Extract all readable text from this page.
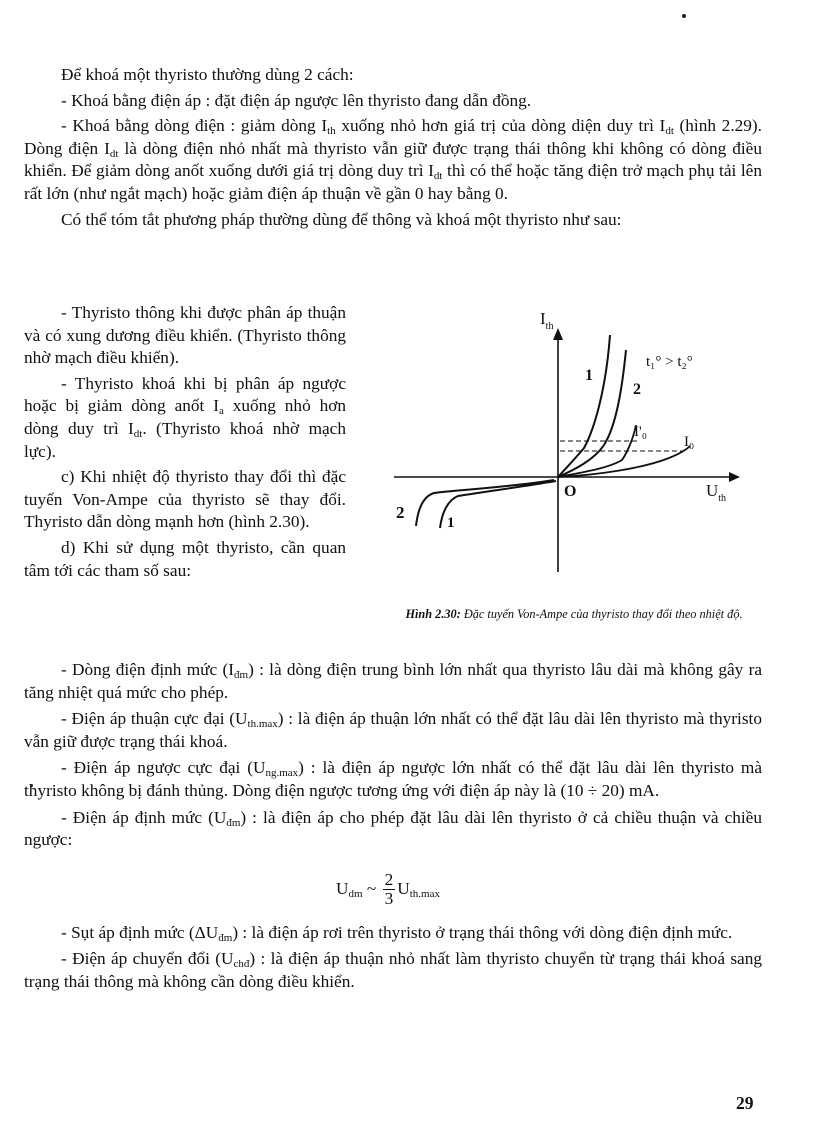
Để khoá một thyristo thường dùng 2 cách:

- Khoá bằng điện áp : đặt điện áp ngược lên thyristo đang dẫn đồng.

- Khoá bằng dòng điện : giảm dòng $I_{th}$ xuống nhỏ hơn giá trị của dòng diện duy trì $I_{dt}$ (hình 2.29). Dòng điện $I_{dt}$ là dòng điện nhỏ nhất mà thyristo vẫn giữ được trạng thái thông khi không có dòng điều khiển. Để giảm dòng anốt xuống dưới giá trị dòng duy trì $I_{dt}$ thì có thể hoặc tăng điện trở mạch phụ tải lên rất lớn (như ngắt mạch) hoặc giảm điện áp thuận về gần 0 hay bằng 0.

Có thể tóm tắt phương pháp thường dùng để thông và khoá một thyristo như sau:

- Thyristo thông khi được phân áp thuận và có xung dương điều khiển. (Thyristo thông nhờ mạch điều khiển).

- Thyristo khoá khi bị phân áp ngược hoặc bị giảm dòng anốt $I_a$ xuống nhỏ hơn dòng duy trì $I_{dt}$. (Thyristo khoá nhờ mạch lực).

c) Khi nhiệt độ thyristo thay đổi thì đặc tuyến Von-Ampe của thyristo sẽ thay đổi. Thyristo dẫn dòng mạnh hơn (hình 2.30).

d) Khi sử dụng một thyristo, cần quan tâm tới các tham số sau:

$I_{th}$
$U_{th}$
O
1
2
t₁° > t₂°
I'₀
I₀
2
1
Hình 2.30: Đặc tuyến Von-Ampe của thyristo thay đổi theo nhiệt độ.

- Dòng điện định mức $(I_{đm})$ : là dòng điện trung bình lớn nhất qua thyristo lâu dài mà không gây ra tăng nhiệt quá mức cho phép.

- Điện áp thuận cực đại $(U_{th.max})$ : là điện áp thuận lớn nhất có thể đặt lâu dài lên thyristo mà thyristo vẫn giữ được trạng thái khoá.

- Điện áp ngược cực đại $(U_{ng.max})$ : là điện áp ngược lớn nhất có thể đặt lâu dài lên thyristo mà thyristo không bị đánh thủng. Dòng điện ngược tương ứng với điện áp này là (10 ÷ 20) mA.

- Điện áp định mức $(U_{đm})$ : là điện áp cho phép đặt lâu dài lên thyristo ở cả chiều thuận và chiều ngược:

$U_{dm}$ ~ $\frac{2}{3} U_{th.max}$

- Sụt áp định mức $(\Delta U_{đm})$ : là điện áp rơi trên thyristo ở trạng thái thông với dòng điện định mức.

- Điện áp chuyển đổi $(U_{chđ})$ : là điện áp thuận nhỏ nhất làm thyristo chuyển từ trạng thái khoá sang trạng thái thông mà không cần dòng điều khiển.

29
